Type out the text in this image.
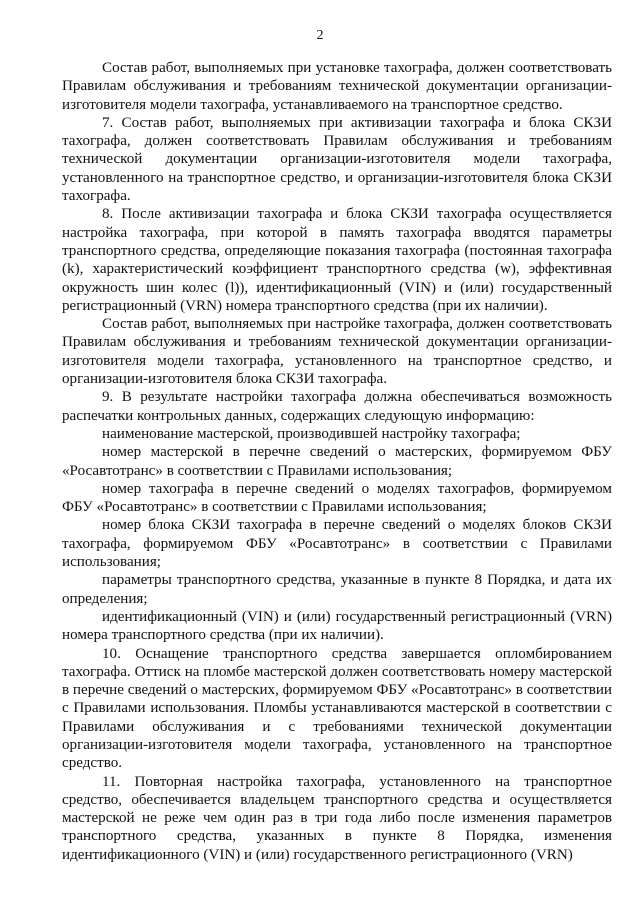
2

Состав работ, выполняемых при установке тахографа, должен соответствовать Правилам обслуживания и требованиям технической документации организации-изготовителя модели тахографа, устанавливаемого на транспортное средство.

7. Состав работ, выполняемых при активизации тахографа и блока СКЗИ тахографа, должен соответствовать Правилам обслуживания и требованиям технической документации организации-изготовителя модели тахографа, установленного на транспортное средство, и организации-изготовителя блока СКЗИ тахографа.

8. После активизации тахографа и блока СКЗИ тахографа осуществляется настройка тахографа, при которой в память тахографа вводятся параметры транспортного средства, определяющие показания тахографа (постоянная тахографа (k), характеристический коэффициент транспортного средства (w), эффективная окружность шин колес (l)), идентификационный (VIN) и (или) государственный регистрационный (VRN) номера транспортного средства (при их наличии).

Состав работ, выполняемых при настройке тахографа, должен соответствовать Правилам обслуживания и требованиям технической документации организации-изготовителя модели тахографа, установленного на транспортное средство, и организации-изготовителя блока СКЗИ тахографа.

9. В результате настройки тахографа должна обеспечиваться возможность распечатки контрольных данных, содержащих следующую информацию:

наименование мастерской, производившей настройку тахографа;

номер мастерской в перечне сведений о мастерских, формируемом ФБУ «Росавтотранс» в соответствии с Правилами использования;

номер тахографа в перечне сведений о моделях тахографов, формируемом ФБУ «Росавтотранс» в соответствии с Правилами использования;

номер блока СКЗИ тахографа в перечне сведений о моделях блоков СКЗИ тахографа, формируемом ФБУ «Росавтотранс» в соответствии с Правилами использования;

параметры транспортного средства, указанные в пункте 8 Порядка, и дата их определения;

идентификационный (VIN) и (или) государственный регистрационный (VRN) номера транспортного средства (при их наличии).

10. Оснащение транспортного средства завершается опломбированием тахографа. Оттиск на пломбе мастерской должен соответствовать номеру мастерской в перечне сведений о мастерских, формируемом ФБУ «Росавтотранс» в соответствии с Правилами использования. Пломбы устанавливаются мастерской в соответствии с Правилами обслуживания и с требованиями технической документации организации-изготовителя модели тахографа, установленного на транспортное средство.

11. Повторная настройка тахографа, установленного на транспортное средство, обеспечивается владельцем транспортного средства и осуществляется мастерской не реже чем один раз в три года либо после изменения параметров транспортного средства, указанных в пункте 8 Порядка, изменения идентификационного (VIN) и (или) государственного регистрационного (VRN)
